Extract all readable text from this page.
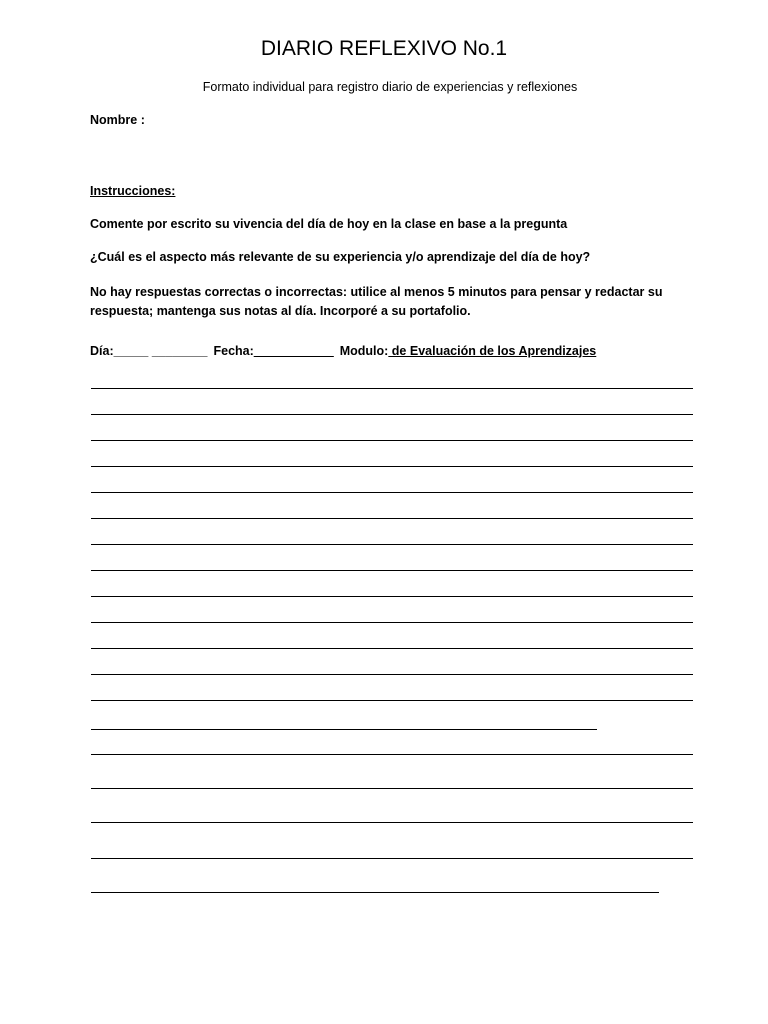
DIARIO REFLEXIVO No.1
Formato individual para registro diario de experiencias y reflexiones
Nombre :
Instrucciones:
Comente por escrito su vivencia del día de hoy en la clase en base a la pregunta
¿Cuál es el aspecto más relevante de su experiencia y/o aprendizaje del día de hoy?
No hay respuestas correctas o incorrectas: utilice al menos 5 minutos para pensar y redactar su respuesta; mantenga sus notas al día. Incorporé a su portafolio.
Día:_____ ________ Fecha:___ ________ Modulo: de Evaluación de los Aprendizajes
